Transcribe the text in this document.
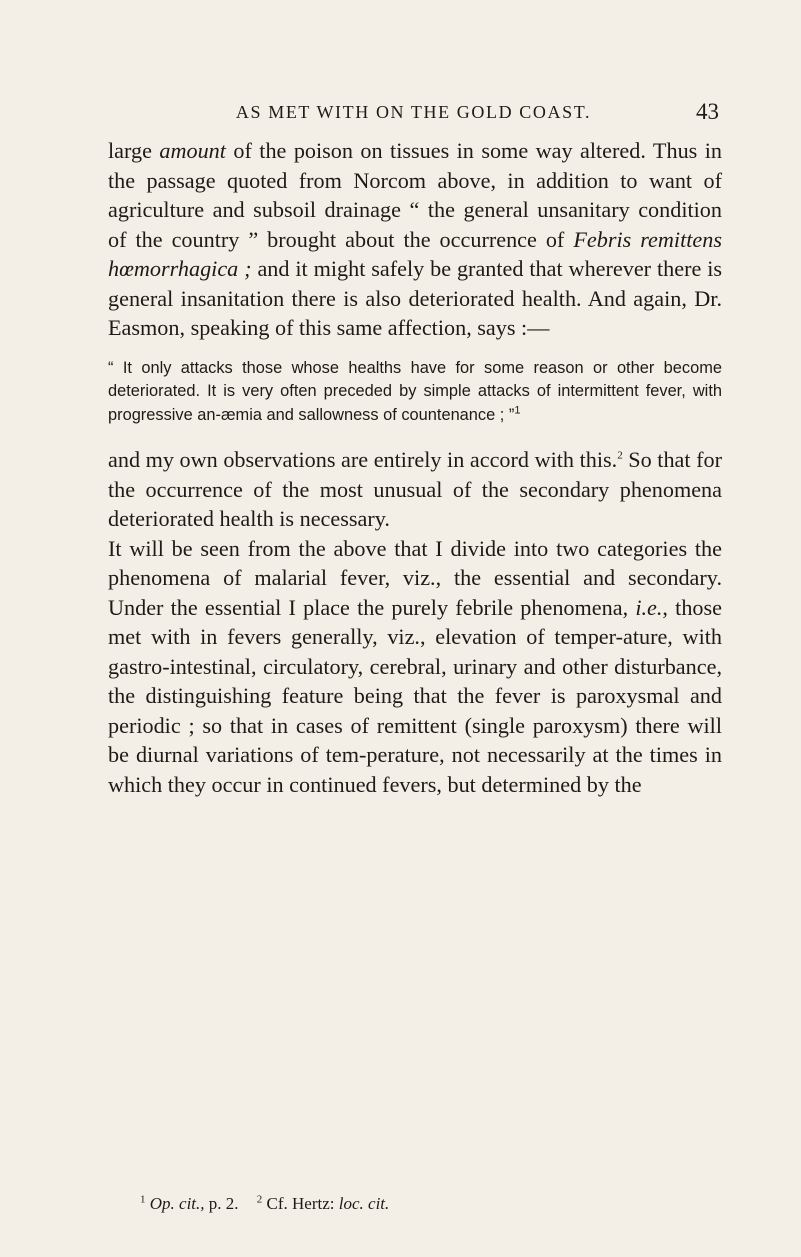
AS MET WITH ON THE GOLD COAST.	43

large amount of the poison on tissues in some way altered. Thus in the passage quoted from Norcom above, in addition to want of agriculture and subsoil drainage “ the general unsanitary condition of the country ” brought about the occurrence of Febris remittens hœmorrhagica ; and it might safely be granted that wherever there is general insanitation there is also deteriorated health. And again, Dr. Easmon, speaking of this same affection, says :—

“ It only attacks those whose healths have for some reason or other become deteriorated. It is very often preceded by simple attacks of intermittent fever, with progressive an-æmia and sallowness of countenance ; ”$^1$

and my own observations are entirely in accord with this.$^2$ So that for the occurrence of the most unusual of the secondary phenomena deteriorated health is necessary.

It will be seen from the above that I divide into two categories the phenomena of malarial fever, viz., the essential and secondary. Under the essential I place the purely febrile phenomena, i.e., those met with in fevers generally, viz., elevation of temper-ature, with gastro-intestinal, circulatory, cerebral, urinary and other disturbance, the distinguishing feature being that the fever is paroxysmal and periodic ; so that in cases of remittent (single paroxysm) there will be diurnal variations of tem-perature, not necessarily at the times in which they occur in continued fevers, but determined by the

$^1$ Op. cit., p. 2. $^2$ Cf. Hertz: loc. cit.
